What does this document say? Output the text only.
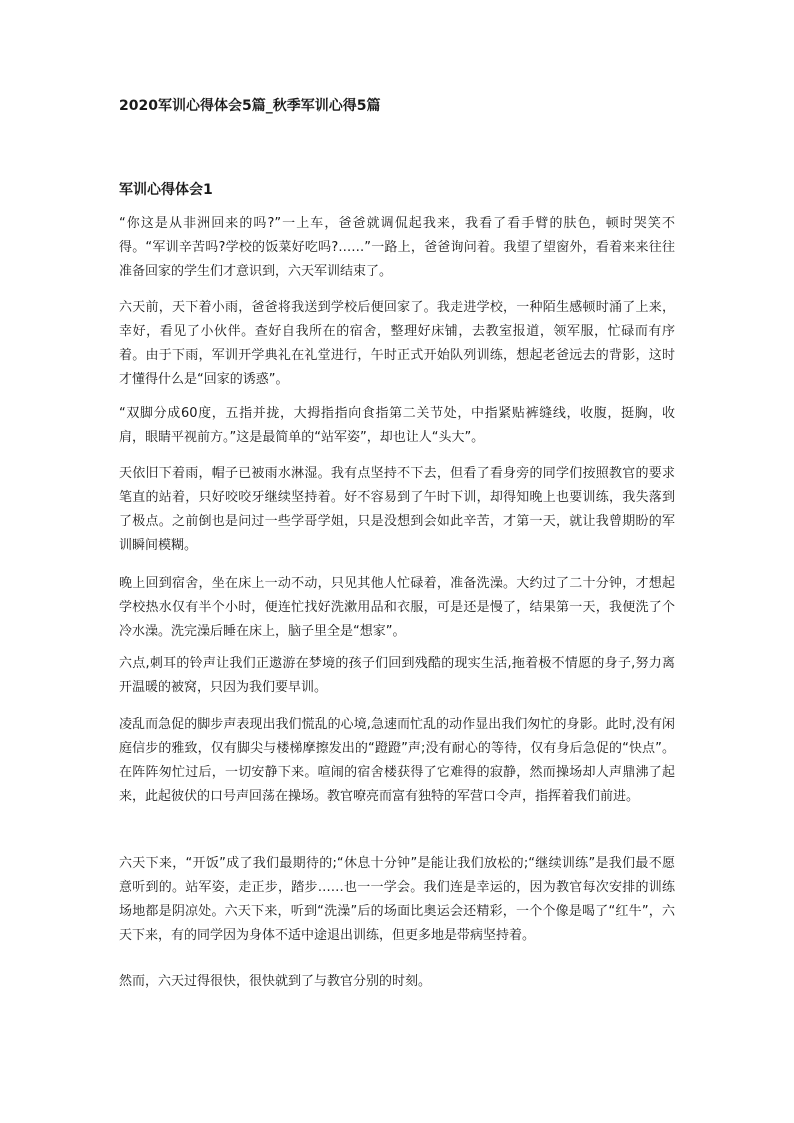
2020军训心得体会5篇_秋季军训心得5篇
军训心得体会1

“你这是从非洲回来的吗?”一上车，爸爸就调侃起我来，我看了看手臂的肤色，顿时哭笑不得。“军训辛苦吗?学校的饭菜好吃吗?……”一路上，爸爸询问着。我望了望窗外，看着来来往往准备回家的学生们才意识到，六天军训结束了。

六天前，天下着小雨，爸爸将我送到学校后便回家了。我走进学校，一种陌生感顿时涌了上来，幸好，看见了小伙伴。查好自我所在的宿舍，整理好床铺，去教室报道，领军服，忙碌而有序着。由于下雨，军训开学典礼在礼堂进行，午时正式开始队列训练，想起老爸远去的背影，这时才懂得什么是“回家的诱惑”。

“双脚分成60度，五指并拢，大拇指指向食指第二关节处，中指紧贴裤缝线，收腹，挺胸，收肩，眼睛平视前方。”这是最简单的“站军姿”，却也让人“头大”。

天依旧下着雨，帽子已被雨水淋湿。我有点坚持不下去，但看了看身旁的同学们按照教官的要求笔直的站着，只好咬咬牙继续坚持着。好不容易到了午时下训，却得知晚上也要训练，我失落到了极点。之前倒也是问过一些学哥学姐，只是没想到会如此辛苦，才第一天，就让我曾期盼的军训瞬间模糊。

晚上回到宿舍，坐在床上一动不动，只见其他人忙碌着，准备洗澡。大约过了二十分钟，才想起学校热水仅有半个小时，便连忙找好洗漱用品和衣服，可是还是慢了，结果第一天，我便洗了个冷水澡。洗完澡后睡在床上，脑子里全是“想家”。

六点,刺耳的铃声让我们正遨游在梦境的孩子们回到残酷的现实生活,拖着极不情愿的身子,努力离开温暖的被窝，只因为我们要早训。

凌乱而急促的脚步声表现出我们慌乱的心境,急速而忙乱的动作显出我们匆忙的身影。此时,没有闲庭信步的雅致，仅有脚尖与楼梯摩擦发出的“蹬蹬”声;没有耐心的等待，仅有身后急促的“快点”。在阵阵匆忙过后，一切安静下来。喧闹的宿舍楼获得了它难得的寂静，然而操场却人声鼎沸了起来，此起彼伏的口号声回荡在操场。教官嘹亮而富有独特的军营口令声，指挥着我们前进。

六天下来，“开饭”成了我们最期待的;“休息十分钟”是能让我们放松的;“继续训练”是我们最不愿意听到的。站军姿，走正步，踏步……也一一学会。我们连是幸运的，因为教官每次安排的训练场地都是阴凉处。六天下来，听到“洗澡”后的场面比奥运会还精彩，一个个像是喝了“红牛”，六天下来，有的同学因为身体不适中途退出训练，但更多地是带病坚持着。

然而，六天过得很快，很快就到了与教官分别的时刻。
